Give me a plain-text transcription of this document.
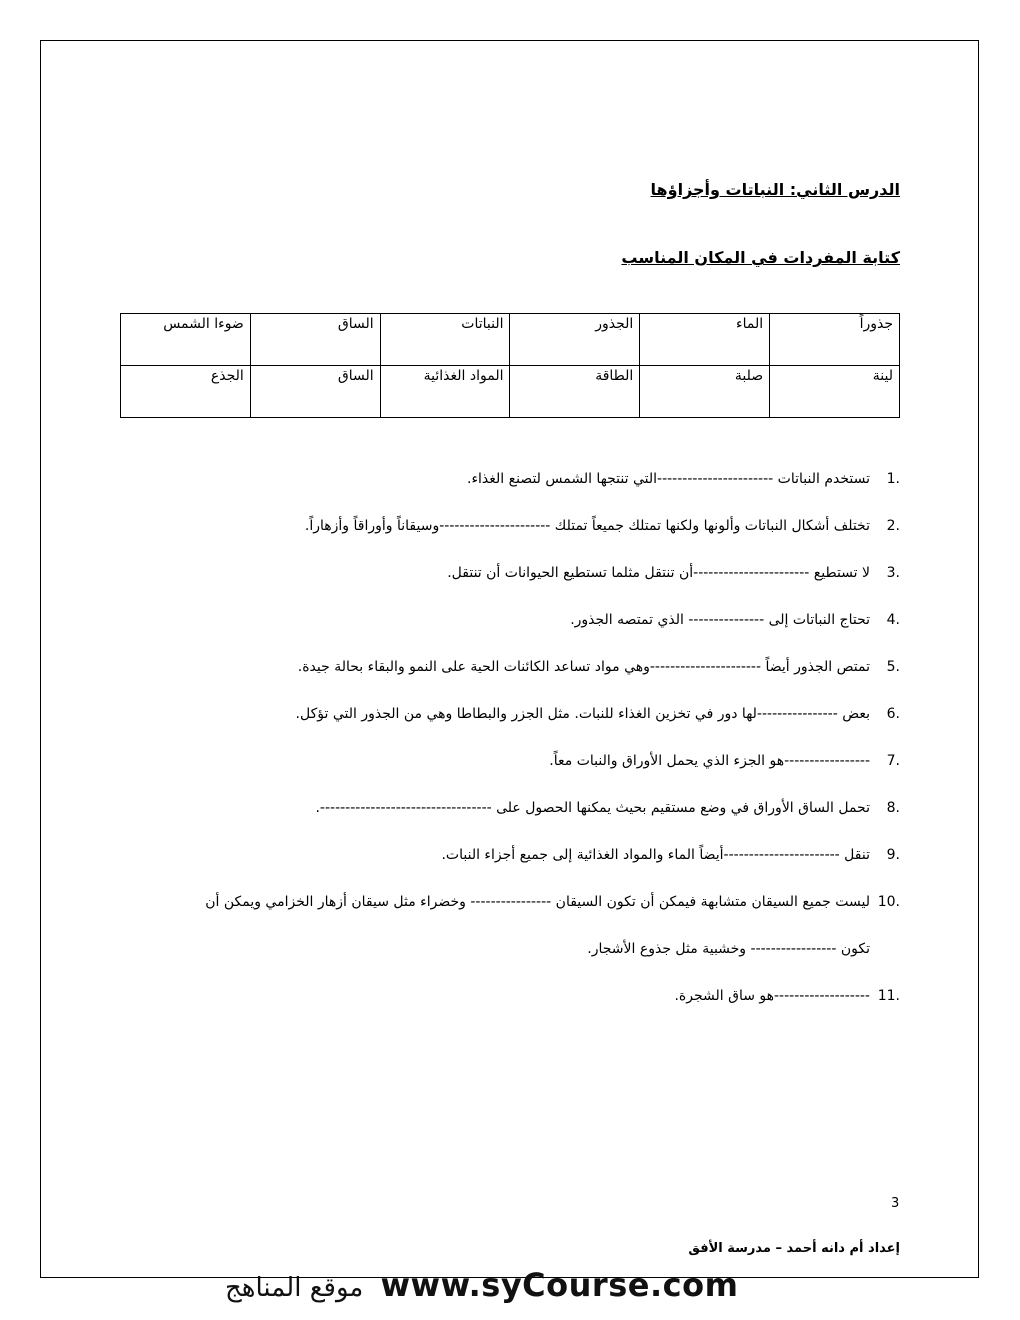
الدرس الثاني: النباتات وأجزاؤها
كتابة المفردات في المكان المناسب
ضوءا الشمس	الساق	النباتات	الجذور	الماء	جذوراً
الجذع	الساق	المواد الغذائية	الطاقة	صلبة	لينة
1.تستخدم النباتات -----------------------التي تنتجها الشمس لتصنع الغذاء.
2.تختلف أشكال النباتات وألونها ولكنها تمتلك جميعاً تمتلك ----------------------وسيقاناً وأوراقاً وأزهاراً.
3.لا تستطيع -----------------------أن تنتقل مثلما تستطيع الحيوانات أن تنتقل.
4.تحتاج النباتات إلى --------------- الذي تمتصه الجذور.
5.تمتص الجذور أيضاً ----------------------وهي مواد تساعد الكائنات الحية على النمو والبقاء بحالة جيدة.
6.بعض ----------------لها دور في تخزين الغذاء للنبات. مثل الجزر والبطاطا وهي من الجذور التي تؤكل.
7.-----------------هو الجزء الذي يحمل الأوراق والنبات معاً.
8.تحمل الساق الأوراق في وضع مستقيم بحيث يمكنها الحصول على ----------------------------------.
9.تنقل -----------------------أيضاً الماء والمواد الغذائية إلى جميع أجزاء النبات.
10.ليست جميع السيقان متشابهة فيمكن أن تكون السيقان ---------------- وخضراء مثل سيقان أزهار الخزامي ويمكن أن
تكون ----------------- وخشبية مثل جذوع الأشجار.
11.-------------------هو ساق الشجرة.
3
إعداد أم دانه أحمد – مدرسة الأفق
موقع المناهج www.syCourse.com
